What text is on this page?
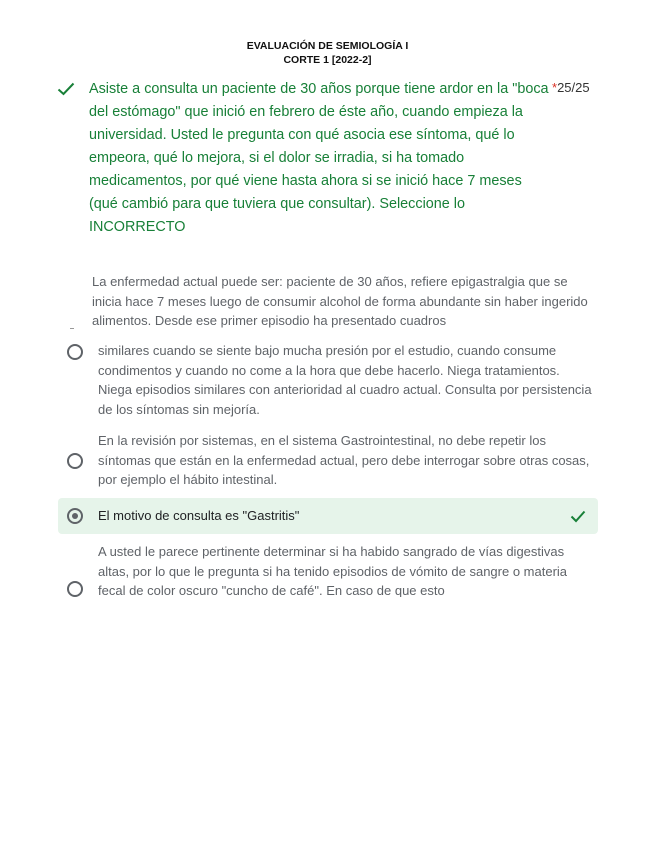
EVALUACIÓN DE SEMIOLOGÍA I
CORTE 1 [2022-2]
Asiste a consulta un paciente de 30 años porque tiene ardor en la "boca del estómago" que inició en febrero de éste año, cuando empieza la universidad. Usted le pregunta con qué asocia ese síntoma, qué lo empeora, qué lo mejora, si el dolor se irradia, si ha tomado medicamentos, por qué viene hasta ahora si se inició hace 7 meses (qué cambió para que tuviera que consultar). Seleccione lo INCORRECTO
*25/25
La enfermedad actual puede ser: paciente de 30 años, refiere epigastralgia que se inicia hace 7 meses luego de consumir alcohol de forma abundante sin haber ingerido alimentos. Desde ese primer episodio ha presentado cuadros
similares cuando se siente bajo mucha presión por el estudio, cuando consume condimentos y cuando no come a la hora que debe hacerlo. Niega tratamientos. Niega episodios similares con anterioridad al cuadro actual. Consulta por persistencia de los síntomas sin mejoría.
En la revisión por sistemas, en el sistema Gastrointestinal, no debe repetir los síntomas que están en la enfermedad actual, pero debe interrogar sobre otras cosas, por ejemplo el hábito intestinal.
El motivo de consulta es "Gastritis"
A usted le parece pertinente determinar si ha habido sangrado de vías digestivas altas, por lo que le pregunta si ha tenido episodios de vómito de sangre o materia fecal de color oscuro "cuncho de café". En caso de que esto
